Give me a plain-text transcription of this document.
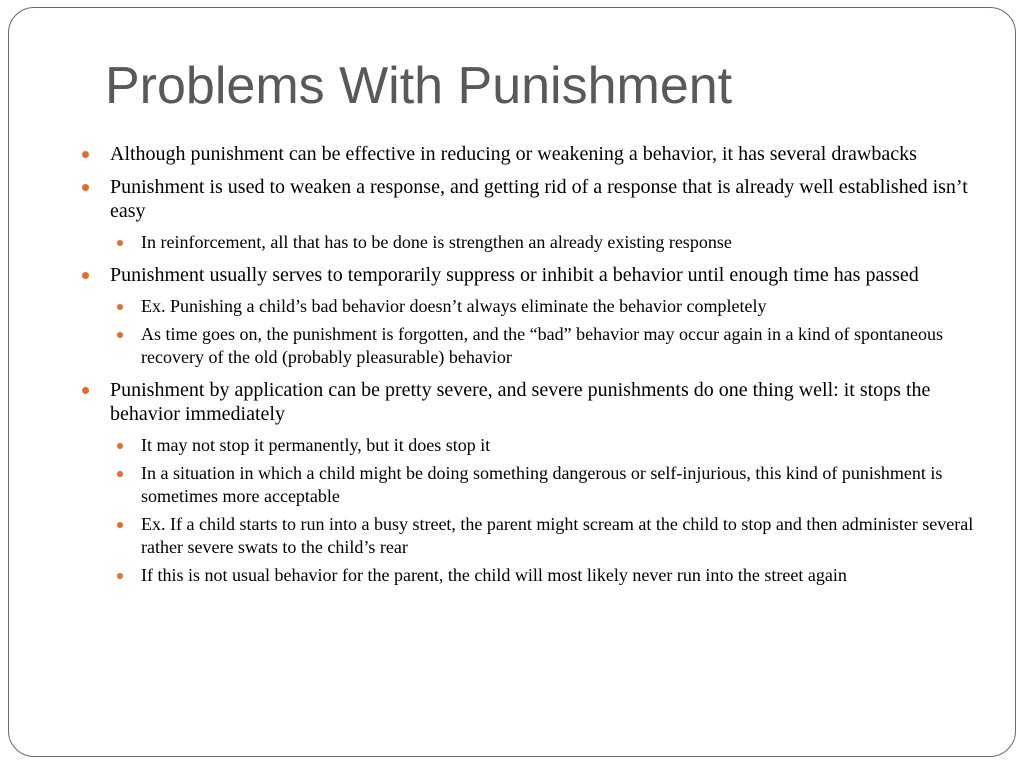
Problems With Punishment
Although punishment can be effective in reducing or weakening a behavior, it has several drawbacks
Punishment is used to weaken a response, and getting rid of a response that is already well established isn’t easy
In reinforcement, all that has to be done is strengthen an already existing response
Punishment usually serves to temporarily suppress or inhibit a behavior until enough time has passed
Ex. Punishing a child’s bad behavior doesn’t always eliminate the behavior completely
As time goes on, the punishment is forgotten, and the “bad” behavior may occur again in a kind of spontaneous recovery of the old (probably pleasurable) behavior
Punishment by application can be pretty severe, and severe punishments do one thing well: it stops the behavior immediately
It may not stop it permanently, but it does stop it
In a situation in which a child might be doing something dangerous or self-injurious, this kind of punishment is sometimes more acceptable
Ex. If a child starts to run into a busy street, the parent might scream at the child to stop and then administer several rather severe swats to the child’s rear
If this is not usual behavior for the parent, the child will most likely never run into the street again
